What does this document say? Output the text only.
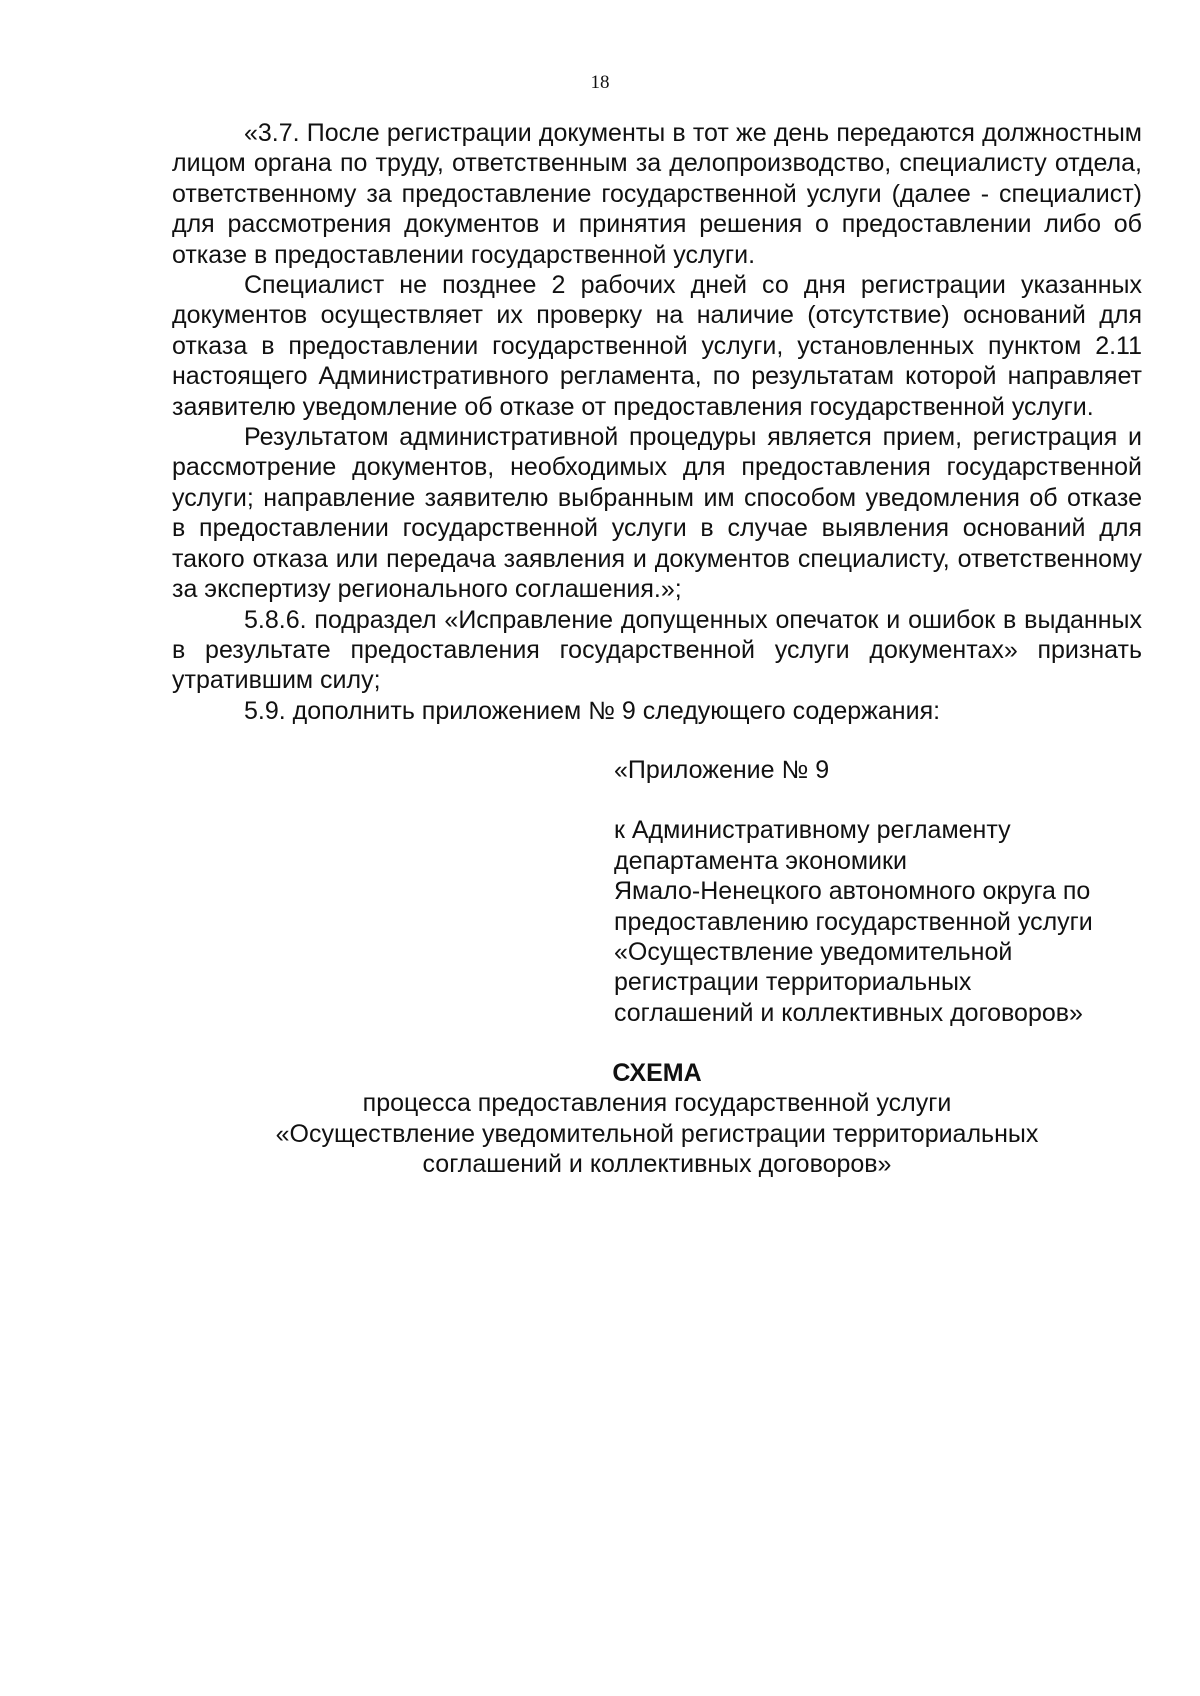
18

«3.7. После регистрации документы в тот же день передаются должностным лицом органа по труду, ответственным за делопроизводство, специалисту отдела, ответственному за предоставление государственной услуги (далее - специалист) для рассмотрения документов и принятия решения о предоставлении либо об отказе в предоставлении государственной услуги.

Специалист не позднее 2 рабочих дней со дня регистрации указанных документов осуществляет их проверку на наличие (отсутствие) оснований для отказа в предоставлении государственной услуги, установленных пунктом 2.11 настоящего Административного регламента, по результатам которой направляет заявителю уведомление об отказе от предоставления государственной услуги.

Результатом административной процедуры является прием, регистрация и рассмотрение документов, необходимых для предоставления государственной услуги; направление заявителю выбранным им способом уведомления об отказе в предоставлении государственной услуги в случае выявления оснований для такого отказа или передача заявления и документов специалисту, ответственному за экспертизу регионального соглашения.»;

5.8.6. подраздел «Исправление допущенных опечаток и ошибок в выданных в результате предоставления государственной услуги документах» признать утратившим силу;

5.9. дополнить приложением № 9 следующего содержания:

«Приложение № 9

к Административному регламенту

департамента экономики

Ямало-Ненецкого автономного округа по

предоставлению государственной услуги

«Осуществление уведомительной

регистрации территориальных

соглашений и коллективных договоров»

СХЕМА

процесса предоставления государственной услуги

«Осуществление уведомительной регистрации территориальных

соглашений и коллективных договоров»
